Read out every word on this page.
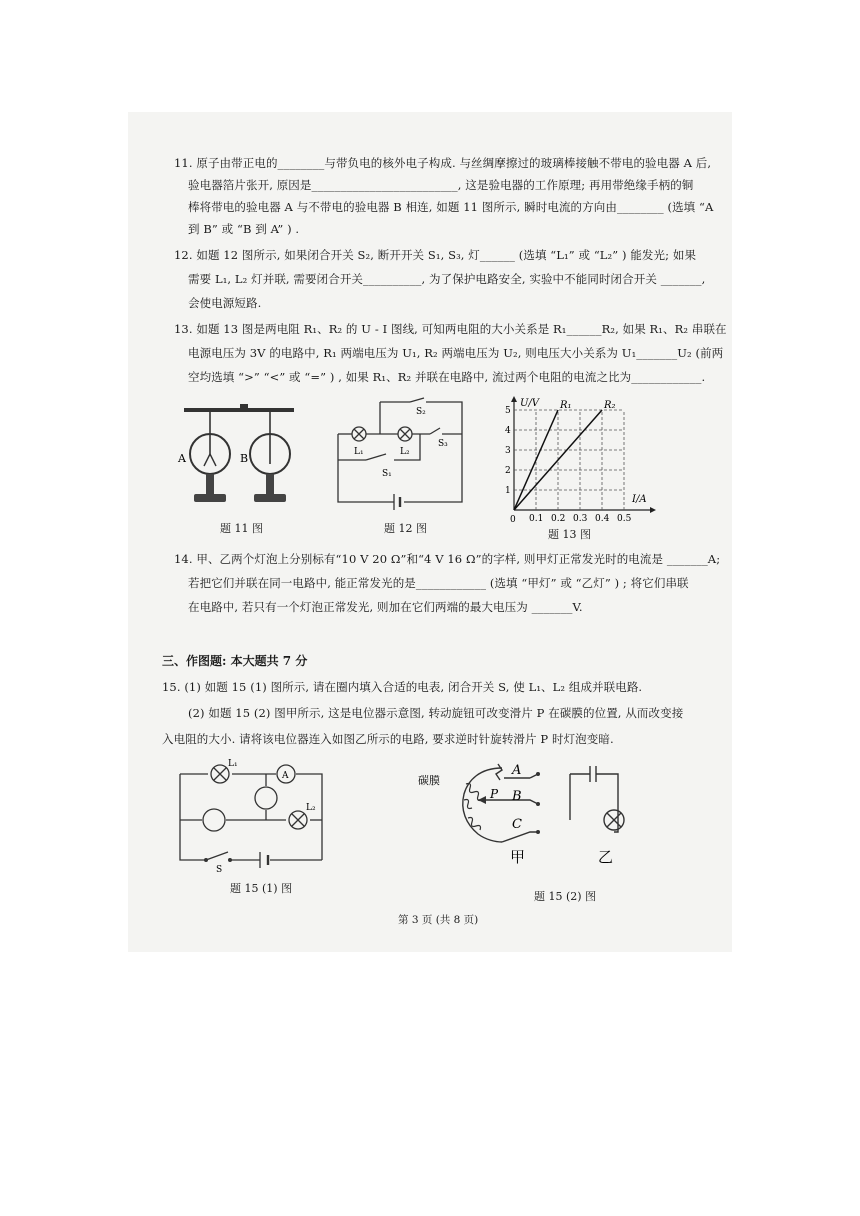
11. 原子由带正电的________与带负电的核外电子构成. 与丝绸摩擦过的玻璃棒接触不带电的验电器 A 后,
验电器箔片张开, 原因是_________________________, 这是验电器的工作原理; 再用带绝缘手柄的铜
棒将带电的验电器 A 与不带电的验电器 B 相连, 如题 11 图所示, 瞬时电流的方向由________ (选填 “A
到 B” 或 “B 到 A” ) .
12. 如题 12 图所示, 如果闭合开关 S₂, 断开开关 S₁, S₃, 灯______ (选填 “L₁” 或 “L₂” ) 能发光; 如果
需要 L₁, L₂ 灯并联, 需要闭合开关__________, 为了保护电路安全, 实验中不能同时闭合开关 _______,
会使电源短路.
13. 如题 13 图是两电阻 R₁、R₂ 的 U - I 图线, 可知两电阻的大小关系是 R₁______R₂, 如果 R₁、R₂ 串联在
电源电压为 3V 的电路中, R₁ 两端电压为 U₁, R₂ 两端电压为 U₂, 则电压大小关系为 U₁_______U₂ (前两
空均选填 “>” “<” 或 “=” ) , 如果 R₁、R₂ 并联在电路中, 流过两个电阻的电流之比为____________.
A	B
题 11 图
L₁	L₂
S₂
S₃
S₁
题 12 图
0.1 0.2 0.3 0.4 0.5
1
2
3
4
5	R₁	R₂
U/V
I/A
0
题 13 图
14. 甲、乙两个灯泡上分别标有“10 V 20 Ω”和“4 V 16 Ω”的字样, 则甲灯正常发光时的电流是 _______A;
若把它们并联在同一电路中, 能正常发光的是____________ (选填 “甲灯” 或 “乙灯” ) ; 将它们串联
在电路中, 若只有一个灯泡正常发光, 则加在它们两端的最大电压为 _______V.
三、作图题: 本大题共 7 分
15. (1) 如题 15 (1) 图所示, 请在圈内填入合适的电表, 闭合开关 S, 使 L₁、L₂ 组成并联电路.
(2) 如题 15 (2) 图甲所示, 这是电位器示意图, 转动旋钮可改变滑片 P 在碳膜的位置, 从而改变接
入电阻的大小. 请将该电位器连入如图乙所示的电路, 要求逆时针旋转滑片 P 时灯泡变暗.
L₁
A
L₂
S
题 15 (1) 图
碳膜
P
A
B
C
甲	乙
题 15 (2) 图
第 3 页 (共 8 页)
